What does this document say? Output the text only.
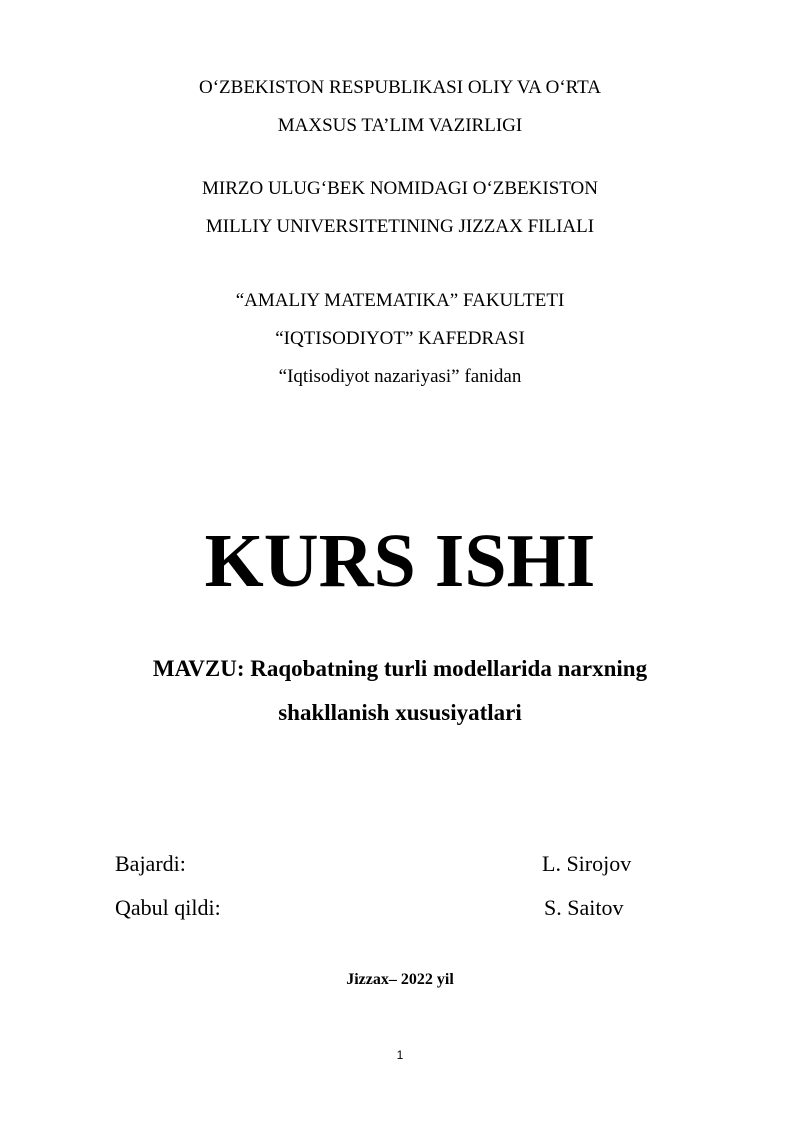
O‘ZBEKISTON RESPUBLIKASI OLIY VA O‘RTA
MAXSUS TA’LIM VAZIRLIGI
MIRZO ULUG‘BEK NOMIDAGI O‘ZBEKISTON
MILLIY UNIVERSITETINING JIZZAX FILIALI
“AMALIY MATEMATIKA” FAKULTETI
“IQTISODIYOT” KAFEDRASI
“Iqtisodiyot nazariyasi” fanidan
KURS ISHI
MAVZU: Raqobatning turli modellarida narxning
shakllanish xususiyatlari
Bajardi:	L. Sirojov
Qabul qildi:	S. Saitov
Jizzax– 2022 yil
1
